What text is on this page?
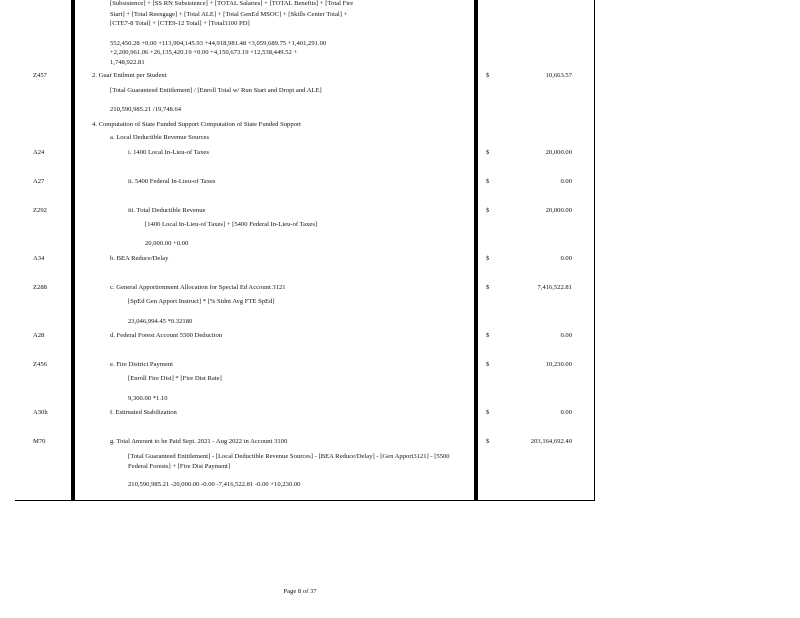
[Subsistence] + [SS RN Subsistence] + [TOTAL Salaries] + [TOTAL Benefits] + [Total Fire
Start] + [Total Reengage] + [Total ALE] + [Total GenEd MSOC] + [Skills Center Total] +
[CTE7-8 Total] + [CTE9-12 Total] + [Total3100 PD]
552,450.28 +0.00 +113,904,145.93 +44,918,981.48 +3,059,689.75 +1,401,291.00
+2,200,961.06 +26,135,420.19 +0.00 +4,150,673.19 +12,538,449.52 +
1,748,922.81
Z457	2. Guar Entlmnt per Student	$	10,663.57
[Total Guaranteed Entitlement] / [Enroll Total w/ Run Start and Dropt and ALE]
210,590,985.21 /19,748.64
4. Computation of State Funded Support Computation of State Funded Support
a. Local Deductible Revenue Sources
A24	i. 1400 Local In-Lieu-of Taxes	$	20,000.00
A27	ii. 5400 Federal In-Lieu-of Taxes	$	0.00
Z292	iii. Total Deductible Revenue	$	20,000.00
[1400 Local In-Lieu-of Taxes] + [5400 Federal In-Lieu-of Taxes]
20,000.00 +0.00
A34	b. BEA Reduce/Delay	$	0.00
Z288	c. General Apportionment Allocation for Special Ed Account 3121	$	7,416,522.81
[SpEd Gen Apport Instruct] * [% Stdnt Avg FTE SpEd]
23,046,994.45 *0.32180
A28	d. Federal Forest Account 5500 Deduction	$	0.00
Z456	e. Fire District Payment	$	10,230.00
[Enroll Fire Dist] * [Fire Dist Rate]
9,300.00 *1.10
A30h	f. Estimated Stabilization	$	0.00
M70	g. Total Amount to be Paid Sept. 2021 - Aug 2022 in Account 3100	$	203,164,692.40
[Total Guaranteed Entitlement] - [Local Deductible Revenue Sources] - [BEA Reduce/Delay] - [Gen Apport3121] - [5500 Federal Forests] + [Fire Dist Payment]
210,590,985.21 -20,000.00 -0.00 -7,416,522.81 -0.00 +10,230.00
Page 8 of 37
